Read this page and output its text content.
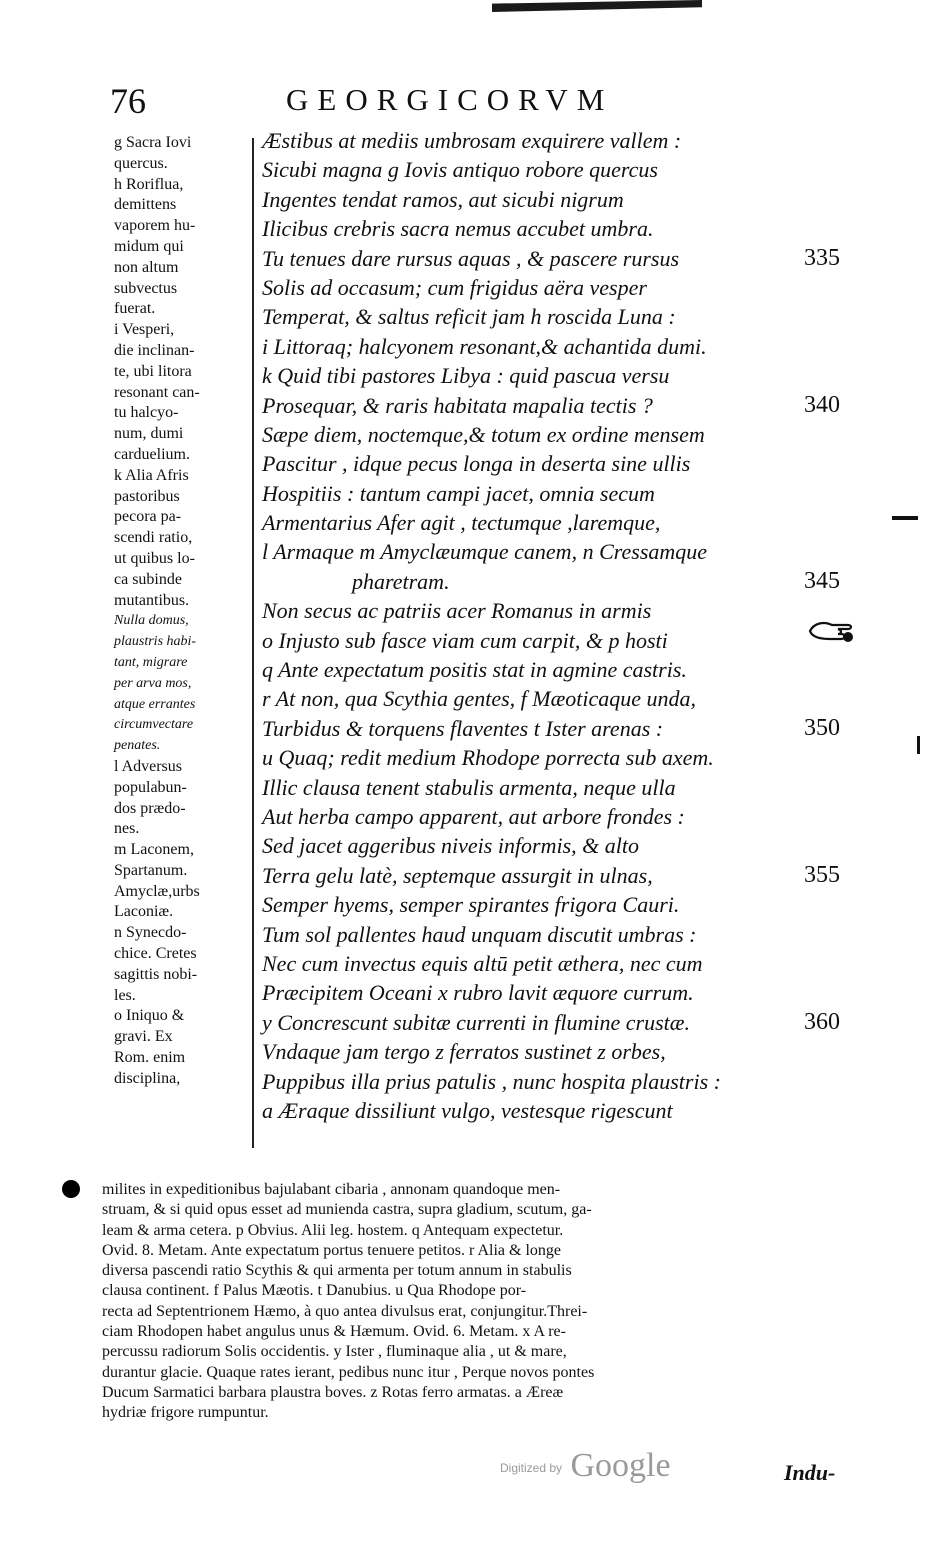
76	GEORGICORVM
g Sacra Iovi
quercus.
h Rorifluа,
demittens
vaporem hu-
midum qui
non altum
subvectus
fuerat.
i Vesperi,
die inclinan-
te, ubi litora
resonant can-
tu halcyo-
num, dumi
carduelium.
k Alia Afris
pastoribus
pecora pa-
scendi ratio,
ut quibus lo-
ca subinde
mutantibus.
Nulla domus,
plaustris habi-
tant, migrare
per arva mos,
atque errantes
circumvectare
penates.
l Adversus
populabun-
dos prædo-
nes.
m Laconem,
Spartanum.
Amyclæ,urbs
Laconiæ.
n Synecdo-
chice. Cretes
sagittis nobi-
les.
o Iniquo &
gravi. Ex
Rom. enim
disciplina,
Æstibus at mediis umbrosam exquirere vallem :
Sicubi magna g Iovis antiquo robore quercus
Ingentes tendat ramos, aut sicubi nigrum
Ilicibus crebris sacra nemus accubet umbra.
Tu tenues dare rursus aquas , & pascere rursus	335
Solis ad occasum; cum frigidus aëra vesper
Temperat, & saltus reficit jam h roscida Luna :
i Littoraq; halcyonem resonant,& achantida dumi.
k Quid tibi pastores Libya : quid pascua versu
Prosequar, & raris habitata mapalia tectis ?	340
Sæpe diem, noctemque,& totum ex ordine mensem
Pascitur , idque pecus longa in deserta sine ullis
Hospitiis : tantum campi jacet, omnia secum
Armentarius Afer agit , tectumque ,laremque,
l Armaque m Amyclæumque canem, n Cressamque
pharetram.	345
Non secus ac patriis acer Romanus in armis
o Injusto sub fasce viam cum carpit, & p hosti
q Ante expectatum positis stat in agmine castris.
r At non, qua Scythia gentes, f Mæoticaque unda,
Turbidus & torquens flaventes t Ister arenas :	350
u Quaq; redit medium Rhodope porrecta sub axem.
Illic clausa tenent stabulis armenta, neque ulla
Aut herba campo apparent, aut arbore frondes :
Sed jacet aggeribus niveis informis, & alto
Terra gelu latè, septemque assurgit in ulnas,	355
Semper hyems, semper spirantes frigora Cauri.
Tum sol pallentes haud unquam discutit umbras :
Nec cum invectus equis altū petit æthera, nec cum
Præcipitem Oceani x rubro lavit æquore currum.
y Concrescunt subitæ currenti in flumine crustæ.	360
Vndaque jam tergo z ferratos sustinet z orbes,
Puppibus illa prius patulis , nunc hospita plaustris :
a Æraque dissiliunt vulgo, vestesque rigescunt
milites in expeditionibus bajulabant cibaria , annonam quandoque men-
struam, & si quid opus esset ad munienda castra, supra gladium, scutum, ga-
leam & arma cetera. p Obvius. Alii leg. hostem. q Antequam expectetur.
Ovid. 8. Metam. Ante expectatum portus tenuere petitos. r Alia & longe
diversa pascendi ratio Scythis & qui armenta per totum annum in stabulis
clausa continent. f Palus Mæotis. t Danubius. u Qua Rhodope por-
recta ad Septentrionem Hæmo, à quo antea divulsus erat, conjungitur.Threi-
ciam Rhodopen habet angulus unus & Hæmum. Ovid. 6. Metam. x A re-
percussu radiorum Solis occidentis. y Ister , fluminaque alia , ut & mare,
durantur glacie. Quaque rates ierant, pedibus nunc itur , Perque novos pontes
Ducum Sarmatici barbara plaustra boves. z Rotas ferro armatas. a Æreæ
hydriæ frigore rumpuntur.
$^{Digitized by}$ Google	Indu-
